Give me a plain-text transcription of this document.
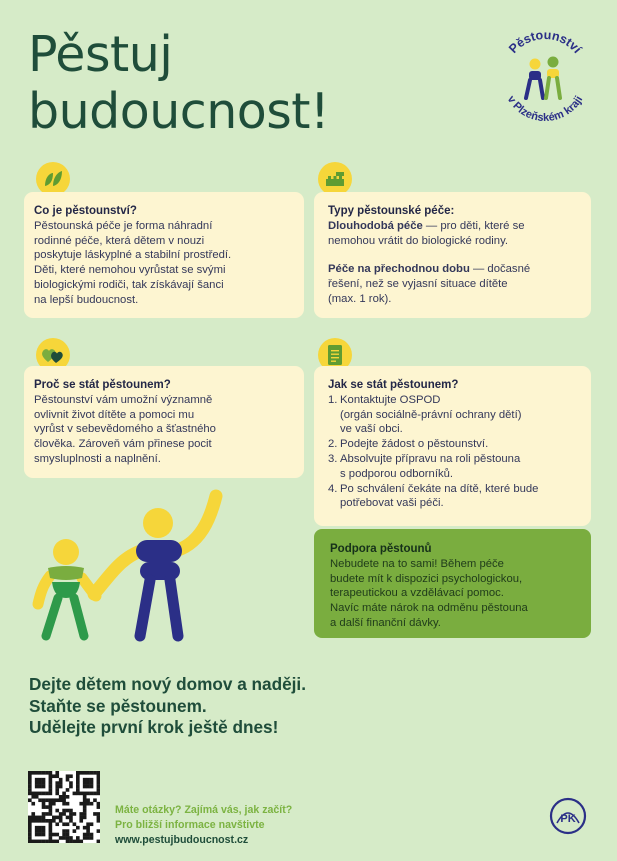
Pěstuj
budoucnost!
Pěstounství
v Plzeňském kraji
Co je pěstounství?

Pěstounská péče je forma náhradní

rodinné péče, která dětem v nouzi

poskytuje láskyplné a stabilní prostředí.

Děti, které nemohou vyrůstat se svými

biologickými rodiči, tak získávají šanci

na lepší budoucnost.

Typy pěstounské péče:

Dlouhodobá péče — pro děti, které se

nemohou vrátit do biologické rodiny.

Péče na přechodnou dobu — dočasné

řešení, než se vyjasní situace dítěte

(max. 1 rok).

Proč se stát pěstounem?

Pěstounství vám umožní významně

ovlivnit život dítěte a pomoci mu

vyrůst v sebevědomého a šťastného

člověka. Zároveň vám přinese pocit

smysluplnosti a naplnění.

Jak se stát pěstounem?
1. Kontaktujte OSPOD
(orgán sociálně-právní ochrany dětí)
ve vaší obci.
2. Podejte žádost o pěstounství.
3. Absolvujte přípravu na roli pěstouna
s podporou odborníků.
4. Po schválení čekáte na dítě, které bude
potřebovat vaši péči.
Podpora pěstounů

Nebudete na to sami! Během péče

budete mít k dispozici psychologickou,

terapeutickou a vzdělávací pomoc.

Navíc máte nárok na odměnu pěstouna

a další finanční dávky.

Dejte dětem nový domov a naději.
Staňte se pěstounem.
Udělejte první krok ještě dnes!
Máte otázky? Zajímá vás, jak začít?
Pro bližší informace navštivte
www.pestujbudoucnost.cz
PK
